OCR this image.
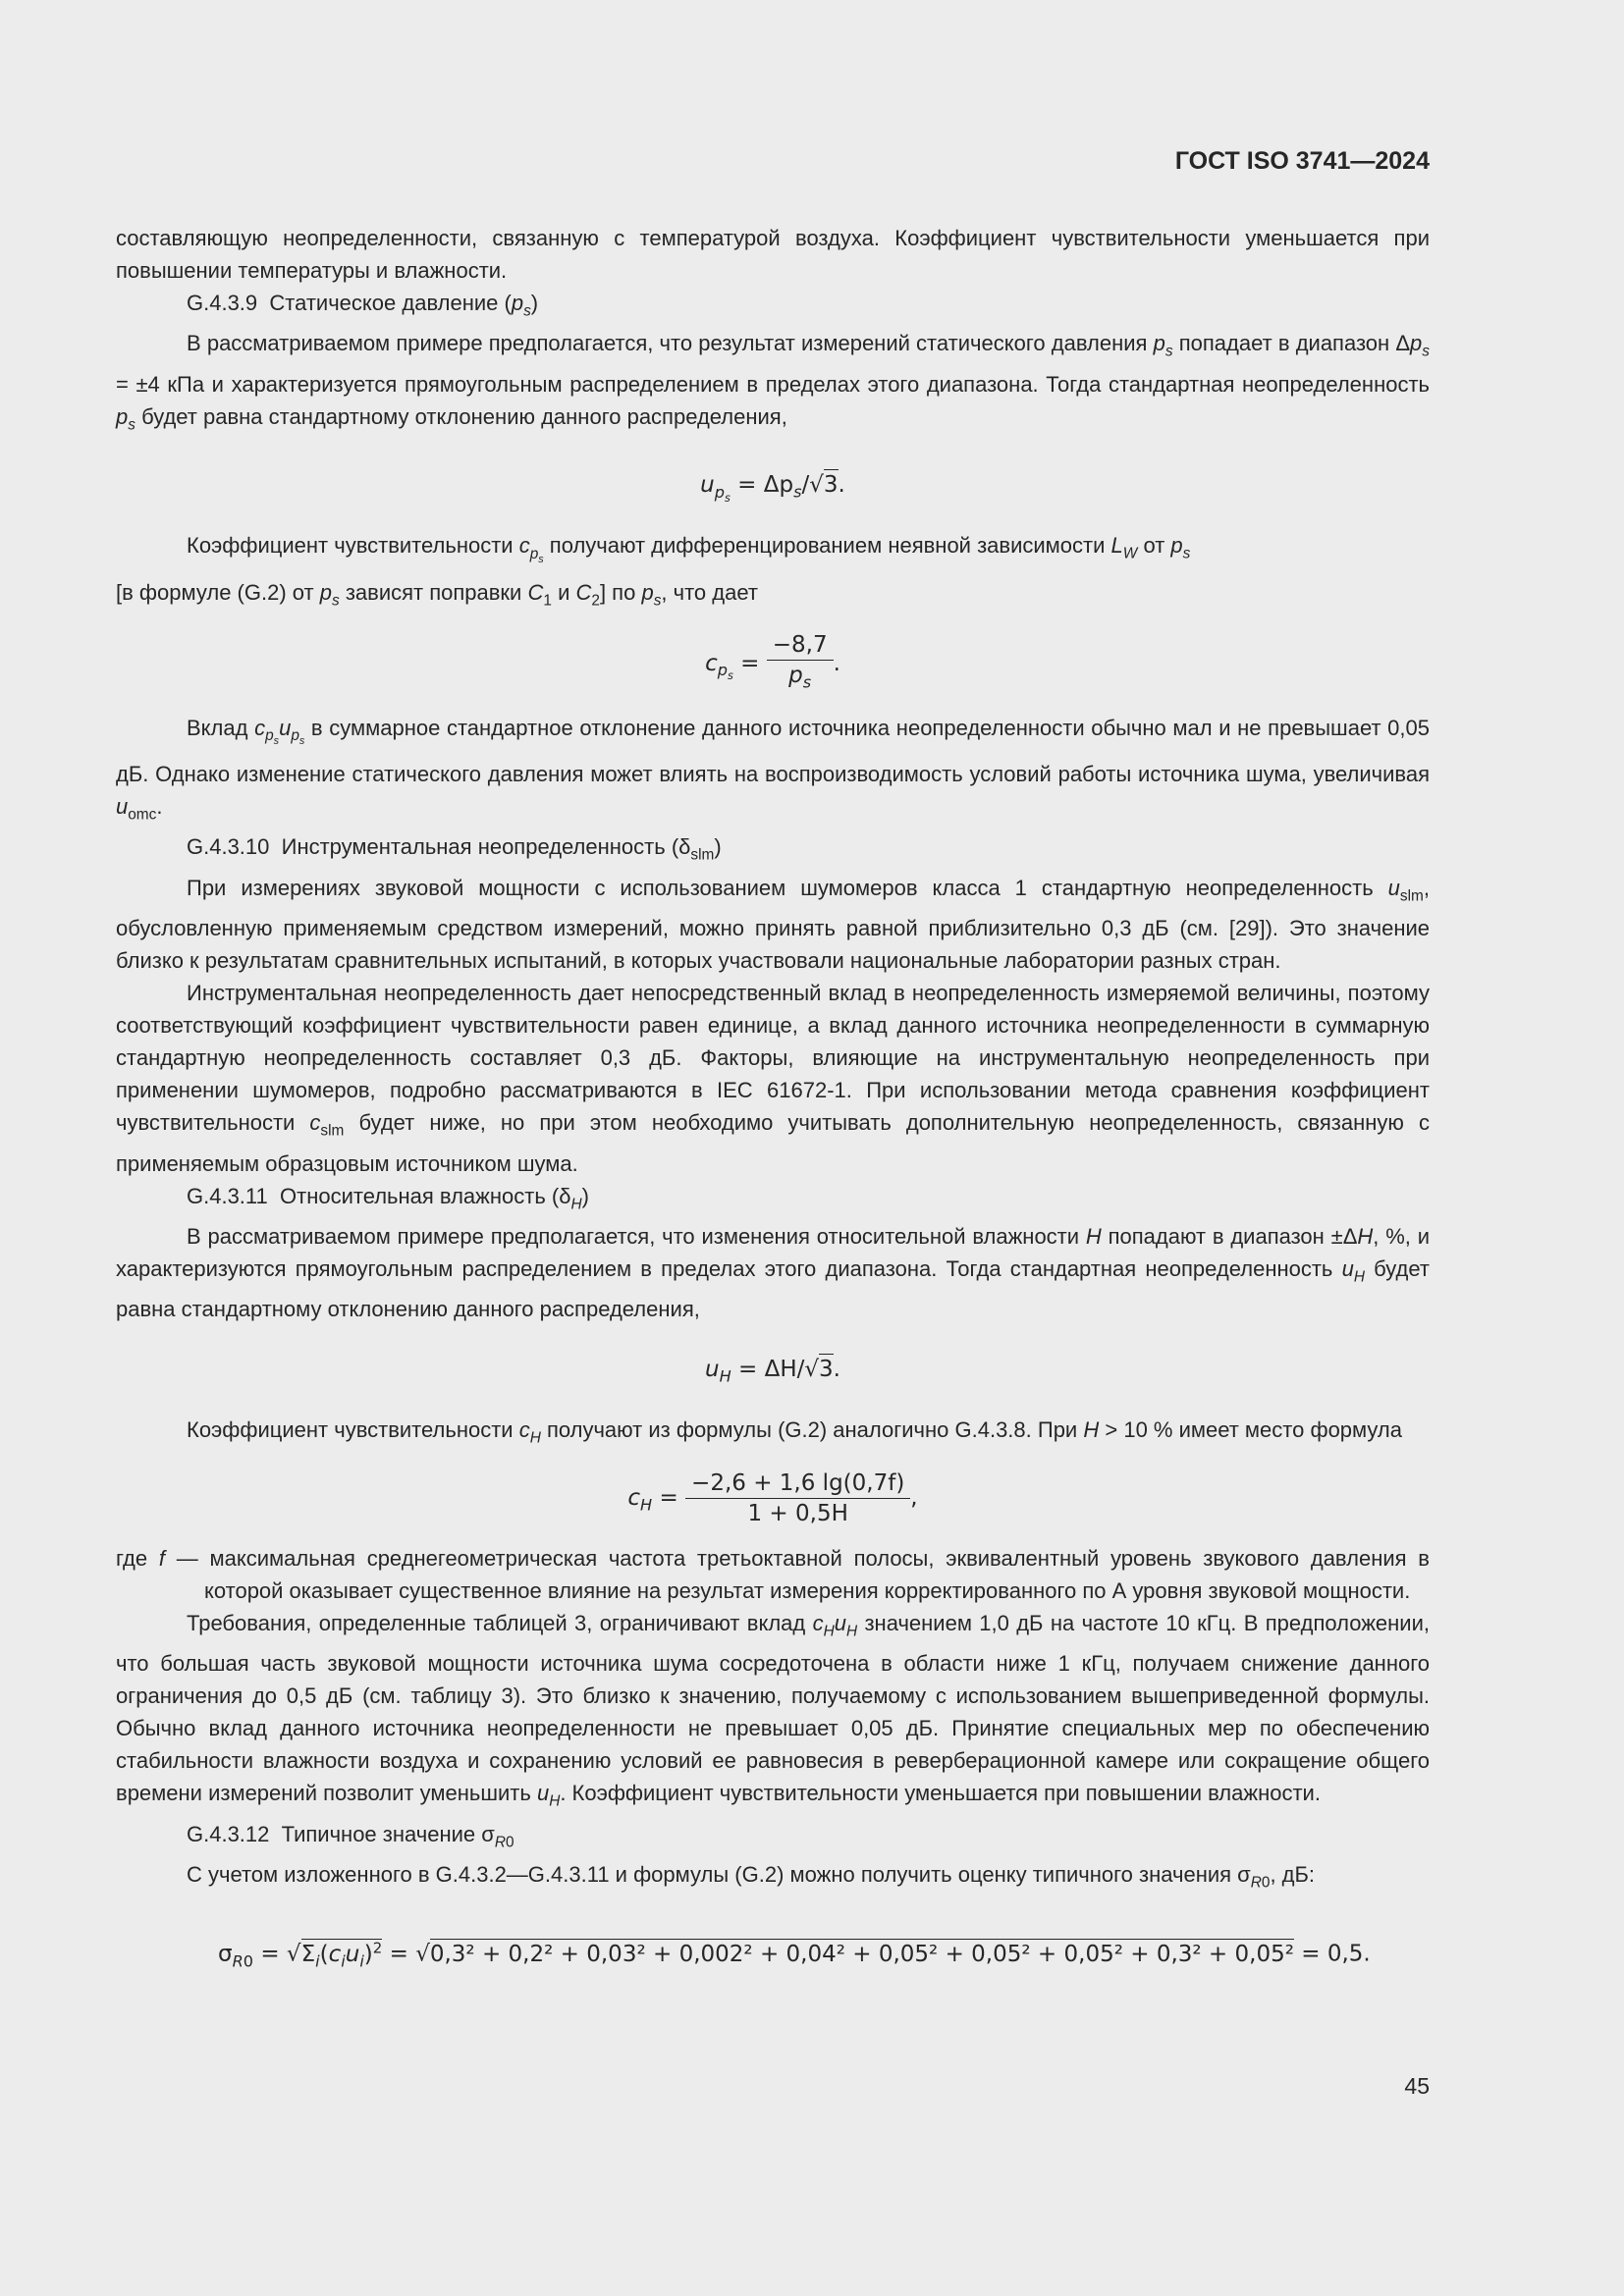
ГОСТ ISO 3741—2024

составляющую неопределенности, связанную с температурой воздуха. Коэффициент чувствительности уменьшается при повышении температуры и влажности.

G.4.3.9 Статическое давление $(p_s)$

В рассматриваемом примере предполагается, что результат измерений статического давления $p_s$ попадает в диапазон $\Delta p_s = \pm 4$ кПа и характеризуется прямоугольным распределением в пределах этого диапазона. Тогда стандартная неопределенность $p_s$ будет равна стандартному отклонению данного распределения,

$u_{p_s} = \Delta p_s/√3$.

Коэффициент чувствительности $c_{p_s}$ получают дифференцированием неявной зависимости $L_W$ от $p_s$

[в формуле (G.2) от $p_s$ зависят поправки $C_1$ и $C_2$] по $p_s$, что дает

$c_{p_s} = \frac{-8,7}{p_s}$ .

Вклад $c_{p_s}u_{p_s}$ в суммарное стандартное отклонение данного источника неопределенности обычно мал и не превышает 0,05 дБ. Однако изменение статического давления может влиять на воспроизводимость условий работы источника шума, увеличивая $u_{omc}$.

G.4.3.10 Инструментальная неопределенность $(\delta_{slm})$

При измерениях звуковой мощности с использованием шумомеров класса 1 стандартную неопределенность $u_{slm}$, обусловленную применяемым средством измерений, можно принять равной приблизительно 0,3 дБ (см. [29]). Это значение близко к результатам сравнительных испытаний, в которых участвовали национальные лаборатории разных стран.

Инструментальная неопределенность дает непосредственный вклад в неопределенность измеряемой величины, поэтому соответствующий коэффициент чувствительности равен единице, а вклад данного источника неопределенности в суммарную стандартную неопределенность составляет 0,3 дБ. Факторы, влияющие на инструментальную неопределенность при применении шумомеров, подробно рассматриваются в IEC 61672-1. При использовании метода сравнения коэффициент чувствительности $c_{slm}$ будет ниже, но при этом необходимо учитывать дополнительную неопределенность, связанную с применяемым образцовым источником шума.

G.4.3.11 Относительная влажность $(\delta_H)$

В рассматриваемом примере предполагается, что изменения относительной влажности H попадают в диапазон ±ΔH, %, и характеризуются прямоугольным распределением в пределах этого диапазона. Тогда стандартная неопределенность $u_H$ будет равна стандартному отклонению данного распределения,

$u_H = \Delta H/√3$.

Коэффициент чувствительности $c_H$ получают из формулы (G.2) аналогично G.4.3.8. При H > 10 % имеет место формула

$c_H = \frac{-2,6 + 1,6 \lg(0,7f)}{1 + 0,5H}$ ,

где f — максимальная среднегеометрическая частота третьоктавной полосы, эквивалентный уровень звукового давления в которой оказывает существенное влияние на результат измерения корректированного по А уровня звуковой мощности.

Требования, определенные таблицей 3, ограничивают вклад $c_Hu_H$ значением 1,0 дБ на частоте 10 кГц. В предположении, что большая часть звуковой мощности источника шума сосредоточена в области ниже 1 кГц, получаем снижение данного ограничения до 0,5 дБ (см. таблицу 3). Это близко к значению, получаемому с использованием вышеприведенной формулы. Обычно вклад данного источника неопределенности не превышает 0,05 дБ. Принятие специальных мер по обеспечению стабильности влажности воздуха и сохранению условий ее равновесия в реверберационной камере или сокращение общего времени измерений позволит уменьшить $u_H$. Коэффициент чувствительности уменьшается при повышении влажности.

G.4.3.12 Типичное значение $\sigma_{R0}$

С учетом изложенного в G.4.3.2—G.4.3.11 и формулы (G.2) можно получить оценку типичного значения $\sigma_{R0}$, дБ:

$\sigma_{R0} = √\Sigma_i(c_iu_i)^2 = √0,3^2 + 0,2^2 + 0,03^2 + 0,002^2 + 0,04^2 + 0,05^2 + 0,05^2 + 0,05^2 + 0,3^2 + 0,05^2 = 0,5$.
45
